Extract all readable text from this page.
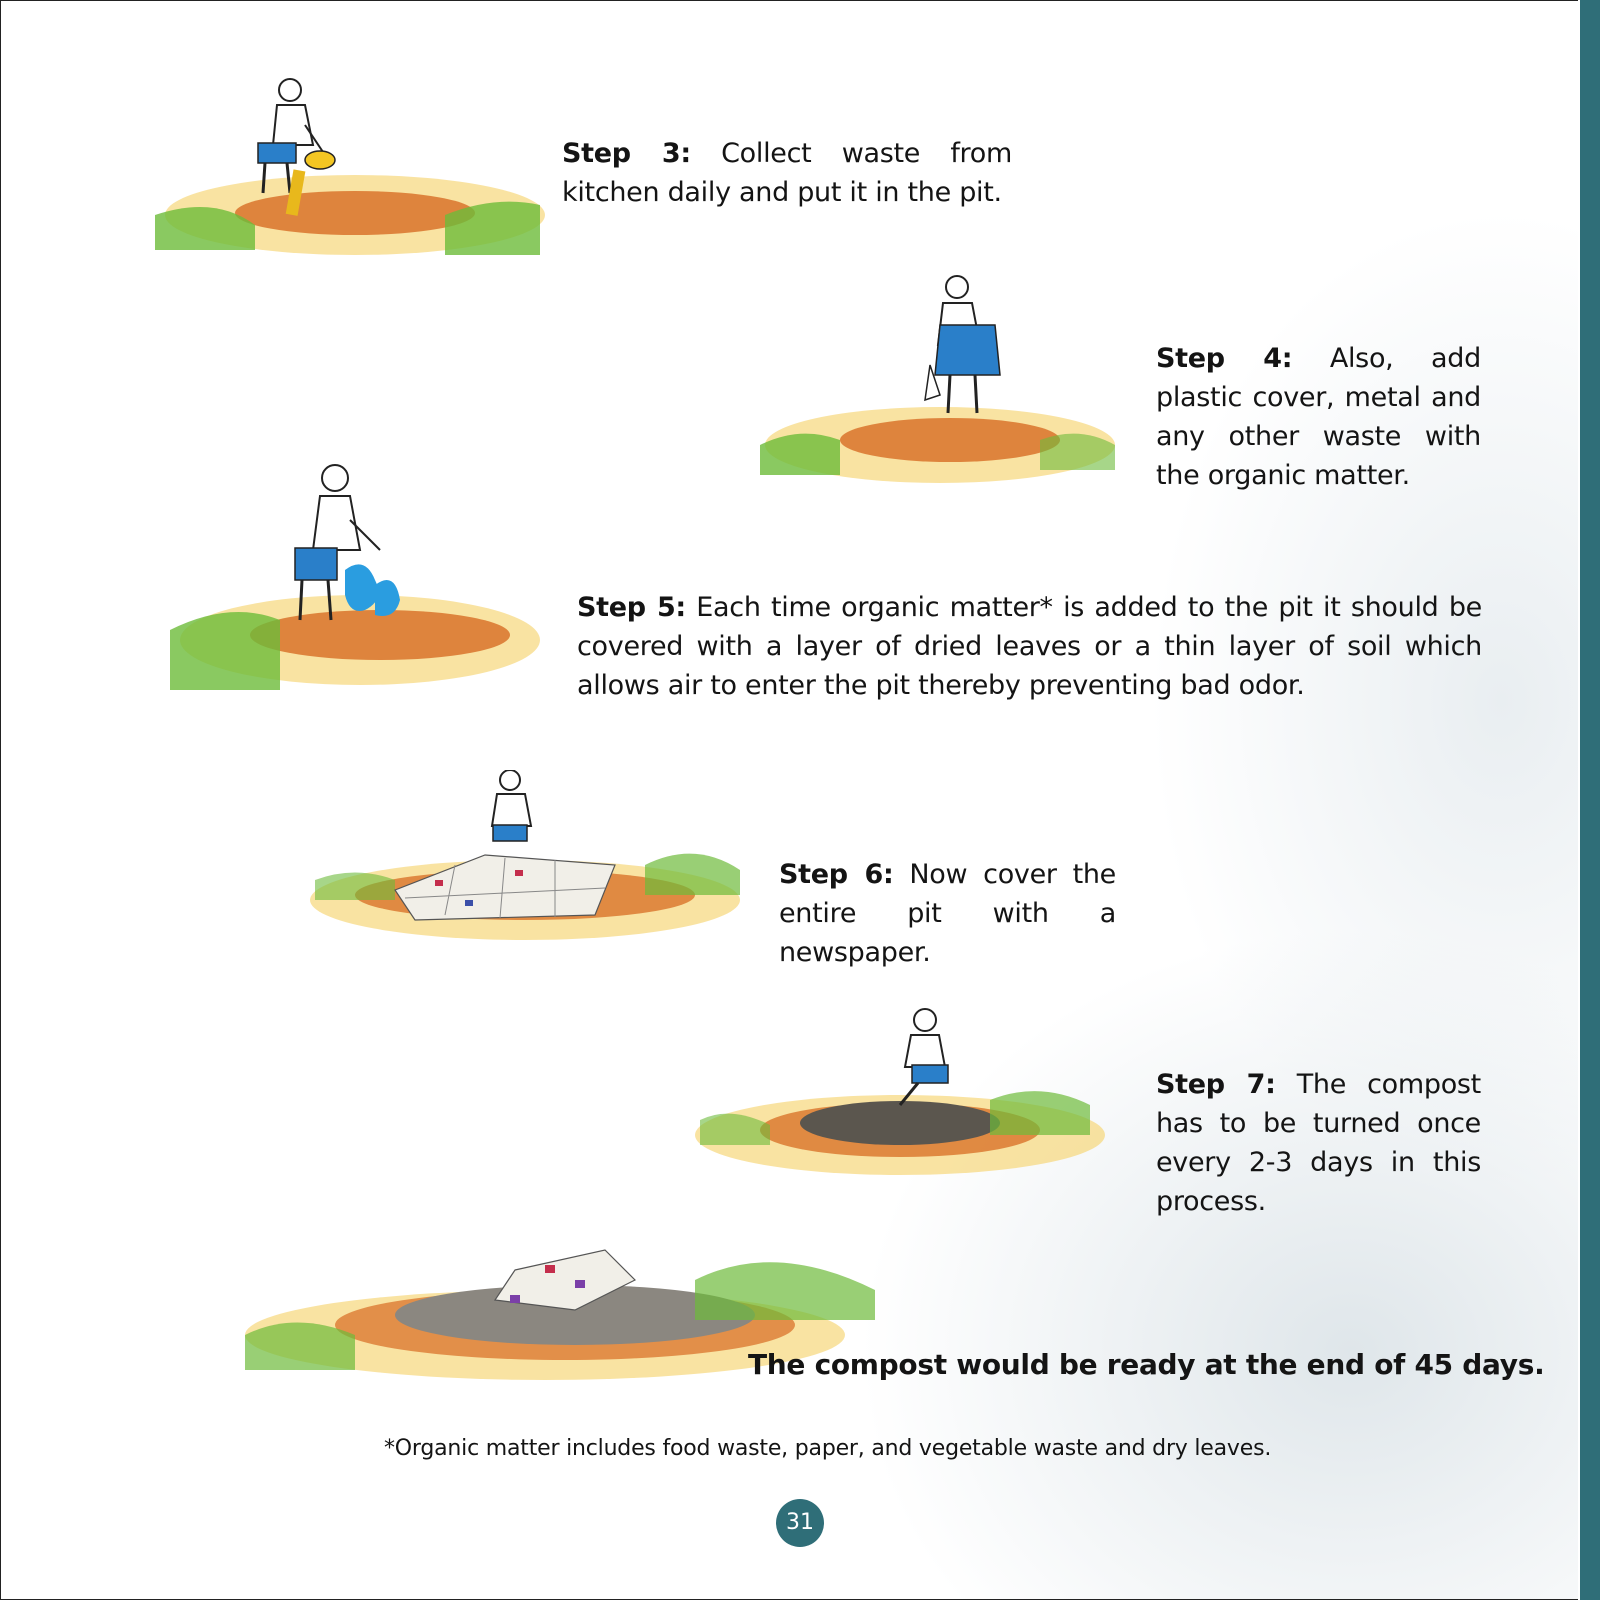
Step 3: Collect waste from kitchen daily and put it in the pit.
Step 4: Also, add plastic cover, metal and any other waste with the organic matter.
Step 5: Each time organic matter* is added to the pit it should be covered with a layer of dried leaves or a thin layer of soil which allows air to enter the pit thereby preventing bad odor.
Step 6: Now cover the entire pit with a newspaper.
Step 7: The compost has to be turned once every 2-3 days in this process.
The compost would be ready at the end of 45 days.
*Organic matter includes food waste, paper, and vegetable waste and dry leaves.
31
